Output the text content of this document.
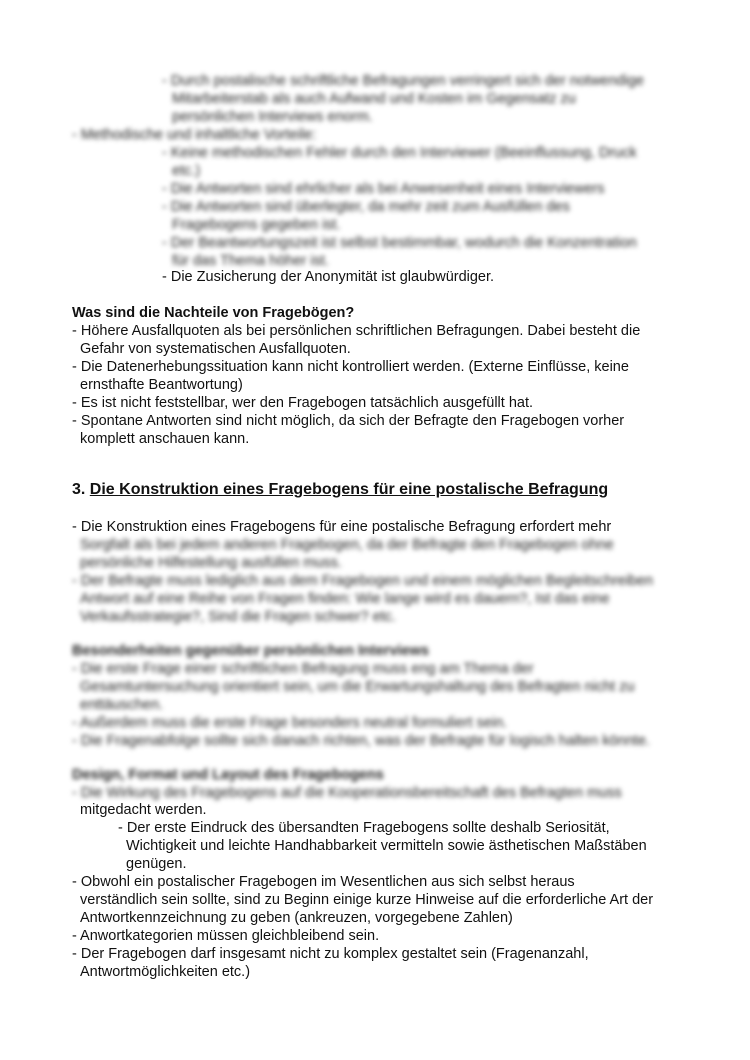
- Durch postalische schriftliche Befragungen verringert sich der notwendige
Mitarbeiterstab als auch Aufwand und Kosten im Gegensatz zu
persönlichen Interviews enorm.
- Methodische und inhaltliche Vorteile:
- Keine methodischen Fehler durch den Interviewer (Beeinflussung, Druck
etc.)
- Die Antworten sind ehrlicher als bei Anwesenheit eines Interviewers
- Die Antworten sind überlegter, da mehr zeit zum Ausfüllen des
Fragebogens gegeben ist.
- Der Beantwortungszeit ist selbst bestimmbar, wodurch die Konzentration
für das Thema höher ist.
- Die Zusicherung der Anonymität ist glaubwürdiger.
Was sind die Nachteile von Fragebögen?
- Höhere Ausfallquoten als bei persönlichen schriftlichen Befragungen. Dabei besteht die
Gefahr von systematischen Ausfallquoten.
- Die Datenerhebungssituation kann nicht kontrolliert werden. (Externe Einflüsse, keine
ernsthafte Beantwortung)
- Es ist nicht feststellbar, wer den Fragebogen tatsächlich ausgefüllt hat.
- Spontane Antworten sind nicht möglich, da sich der Befragte den Fragebogen vorher
komplett anschauen kann.
3. Die Konstruktion eines Fragebogens für eine postalische Befragung
- Die Konstruktion eines Fragebogens für eine postalische Befragung erfordert mehr
Sorgfalt als bei jedem anderen Fragebogen, da der Befragte den Fragebogen ohne
persönliche Hilfestellung ausfüllen muss.
- Der Befragte muss lediglich aus dem Fragebogen und einem möglichen Begleitschreiben
Antwort auf eine Reihe von Fragen finden: Wie lange wird es dauern?, Ist das eine
Verkaufsstrategie?, Sind die Fragen schwer? etc.
Besonderheiten gegenüber persönlichen Interviews
- Die erste Frage einer schriftlichen Befragung muss eng am Thema der
Gesamtuntersuchung orientiert sein, um die Erwartungshaltung des Befragten nicht zu
enttäuschen.
- Außerdem muss die erste Frage besonders neutral formuliert sein.
- Die Fragenabfolge sollte sich danach richten, was der Befragte für logisch halten könnte.
Design, Format und Layout des Fragebogens
- Die Wirkung des Fragebogens auf die Kooperationsbereitschaft des Befragten muss
mitgedacht werden.
- Der erste Eindruck des übersandten Fragebogens sollte deshalb Seriosität,
Wichtigkeit und leichte Handhabbarkeit vermitteln sowie ästhetischen Maßstäben
genügen.
- Obwohl ein postalischer Fragebogen im Wesentlichen aus sich selbst heraus
verständlich sein sollte, sind zu Beginn einige kurze Hinweise auf die erforderliche Art der
Antwortkennzeichnung zu geben (ankreuzen, vorgegebene Zahlen)
- Anwortkategorien müssen gleichbleibend sein.
- Der Fragebogen darf insgesamt nicht zu komplex gestaltet sein (Fragenanzahl,
Antwortmöglichkeiten etc.)
